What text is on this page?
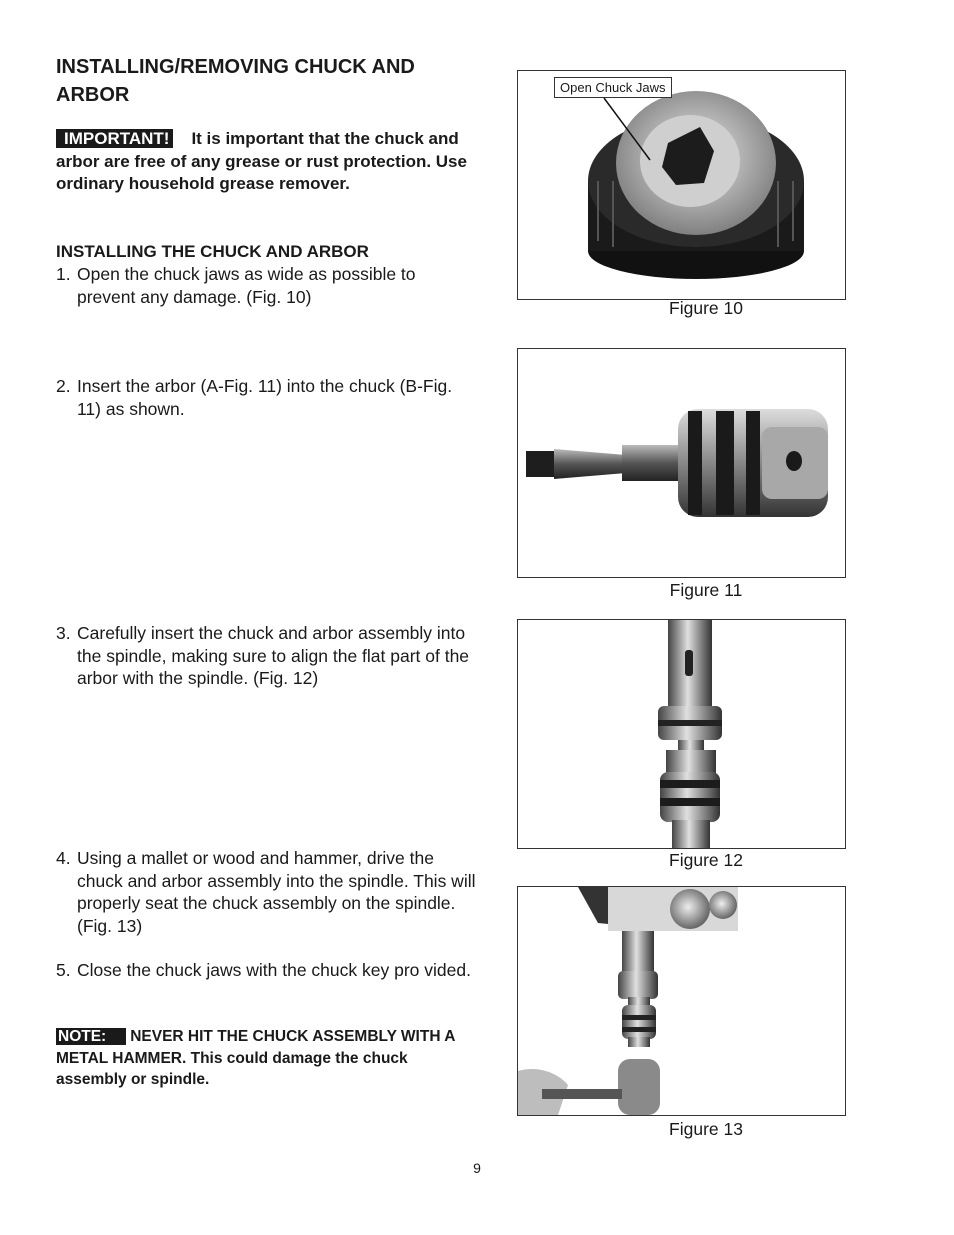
INSTALLING/REMOVING CHUCK AND ARBOR
IMPORTANT! It is important that the chuck and arbor are free of any grease or rust protection. Use ordinary household grease remover.
INSTALLING THE CHUCK AND ARBOR
1. Open the chuck jaws as wide as possible to prevent any damage. (Fig. 10)
2. Insert the arbor (A-Fig. 11) into the chuck (B-Fig. 11) as shown.
3. Carefully insert the chuck and arbor assembly into the spindle, making sure to align the flat part of the arbor with the spindle. (Fig. 12)
4. Using a mallet or wood and hammer, drive the chuck and arbor assembly into the spindle. This will properly seat the chuck assembly on the spindle. (Fig. 13)
5. Close the chuck jaws with the chuck key pro vided.
NOTE: NEVER HIT THE CHUCK ASSEMBLY WITH A METAL HAMMER. This could damage the chuck assembly or spindle.
Open Chuck Jaws
Figure 10
Figure 11
Figure 12
Figure 13
9
